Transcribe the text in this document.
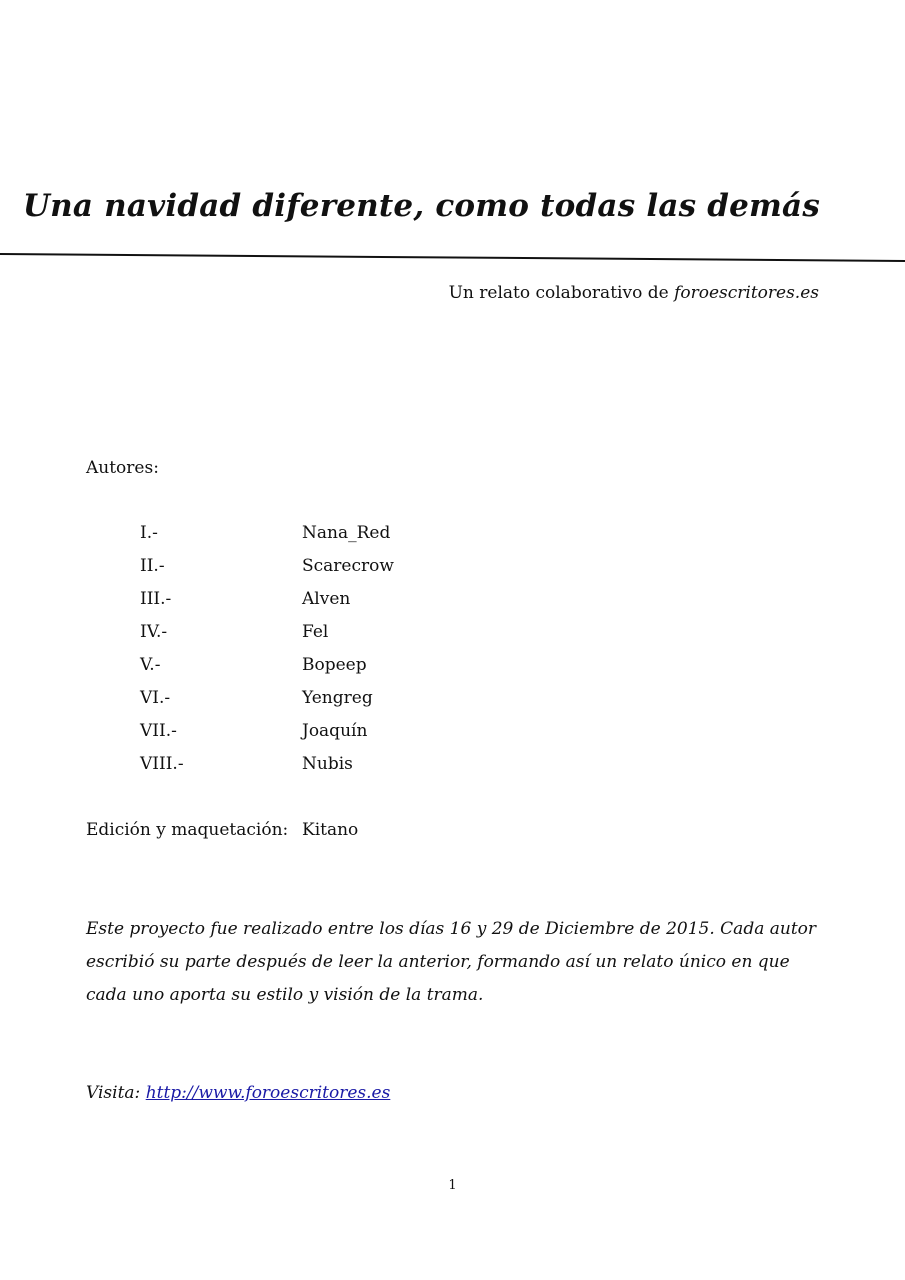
Una navidad diferente, como todas las demás
Un relato colaborativo de foroescritores.es
Autores:
I.-	Nana_Red
II.-	Scarecrow
III.-	Alven
IV.-	Fel
V.-	Bopeep
VI.-	Yengreg
VII.-	Joaquín
VIII.-	Nubis
Edición y maquetación: Kitano

Este proyecto fue realizado entre los días 16 y 29 de Diciembre de 2015. Cada autor escribió su parte después de leer la anterior, formando así un relato único en que cada uno aporta su estilo y visión de la trama.

Visita: http://www.foroescritores.es
1
